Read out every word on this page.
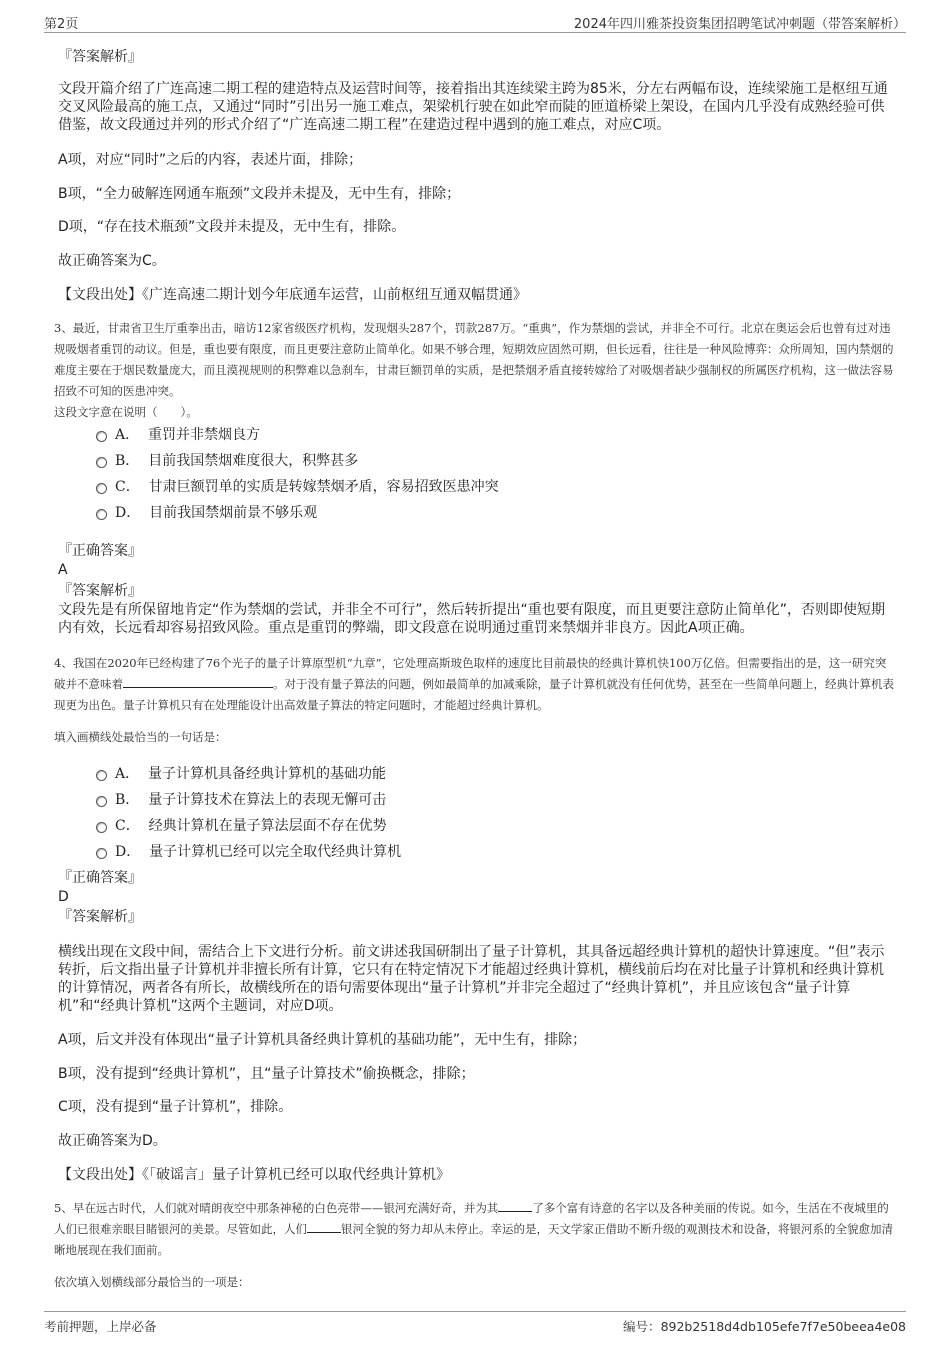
第2页	2024年四川雅茶投资集团招聘笔试冲刺题（带答案解析）

『答案解析』

文段开篇介绍了广连高速二期工程的建造特点及运营时间等，接着指出其连续梁主跨为85米，分左右两幅布设，连续梁施工是枢纽互通交叉风险最高的施工点，又通过“同时”引出另一施工难点，架梁机行驶在如此窄而陡的匝道桥梁上架设，在国内几乎没有成熟经验可供借鉴，故文段通过并列的形式介绍了“广连高速二期工程”在建造过程中遇到的施工难点，对应C项。

A项，对应“同时”之后的内容，表述片面，排除；

B项，“全力破解连网通车瓶颈”文段并未提及，无中生有，排除；

D项，“存在技术瓶颈”文段并未提及，无中生有，排除。

故正确答案为C。

【文段出处】《广连高速二期计划今年底通车运营，山前枢纽互通双幅贯通》

3、最近，甘肃省卫生厅重拳出击，暗访12家省级医疗机构，发现烟头287个，罚款287万。“重典”，作为禁烟的尝试，并非全不可行。北京在奥运会后也曾有过对违规吸烟者重罚的动议。但是，重也要有限度，而且更要注意防止简单化。如果不够合理，短期效应固然可期，但长远看，往往是一种风险博弈：众所周知，国内禁烟的难度主要在于烟民数量庞大，而且漠视规则的积弊难以急刹车，甘肃巨额罚单的实质，是把禁烟矛盾直接转嫁给了对吸烟者缺少强制权的所属医疗机构，这一做法容易招致不可知的医患冲突。

这段文字意在说明（　　）。

A． 重罚并非禁烟良方
B． 目前我国禁烟难度很大，积弊甚多
C． 甘肃巨额罚单的实质是转嫁禁烟矛盾，容易招致医患冲突
D． 目前我国禁烟前景不够乐观

『正确答案』

A

『答案解析』

文段先是有所保留地肯定“作为禁烟的尝试，并非全不可行”，然后转折提出“重也要有限度，而且更要注意防止简单化”，否则即使短期内有效，长远看却容易招致风险。重点是重罚的弊端，即文段意在说明通过重罚来禁烟并非良方。因此A项正确。

4、我国在2020年已经构建了76个光子的量子计算原型机“九章”，它处理高斯玻色取样的速度比目前最快的经典计算机快100万亿倍。但需要指出的是，这一研究突破并不意味着	。对于没有量子算法的问题，例如最简单的加减乘除，量子计算机就没有任何优势，甚至在一些简单问题上，经典计算机表现更为出色。量子计算机只有在处理能设计出高效量子算法的特定问题时，才能超过经典计算机。

填入画横线处最恰当的一句话是：

A． 量子计算机具备经典计算机的基础功能
B． 量子计算技术在算法上的表现无懈可击
C． 经典计算机在量子算法层面不存在优势
D． 量子计算机已经可以完全取代经典计算机

『正确答案』

D

『答案解析』

横线出现在文段中间，需结合上下文进行分析。前文讲述我国研制出了量子计算机，其具备远超经典计算机的超快计算速度。“但”表示转折，后文指出量子计算机并非擅长所有计算，它只有在特定情况下才能超过经典计算机，横线前后均在对比量子计算机和经典计算机的计算情况，两者各有所长，故横线所在的语句需要体现出“量子计算机”并非完全超过了“经典计算机”，并且应该包含“量子计算机”和“经典计算机”这两个主题词，对应D项。

A项，后文并没有体现出“量子计算机具备经典计算机的基础功能”，无中生有，排除；

B项，没有提到“经典计算机”，且“量子计算技术”偷换概念，排除；

C项，没有提到“量子计算机”，排除。

故正确答案为D。

【文段出处】《「破谣言」量子计算机已经可以取代经典计算机》

5、早在远古时代，人们就对晴朗夜空中那条神秘的白色亮带——银河充满好奇，并为其	了多个富有诗意的名字以及各种美丽的传说。如今，生活在不夜城里的人们已很难亲眼目睹银河的美景。尽管如此，人们	银河全貌的努力却从未停止。幸运的是，天文学家正借助不断升级的观测技术和设备，将银河系的全貌愈加清晰地展现在我们面前。

依次填入划横线部分最恰当的一项是：

考前押题，上岸必备	编号：892b2518d4db105efe7f7e50beea4e08
